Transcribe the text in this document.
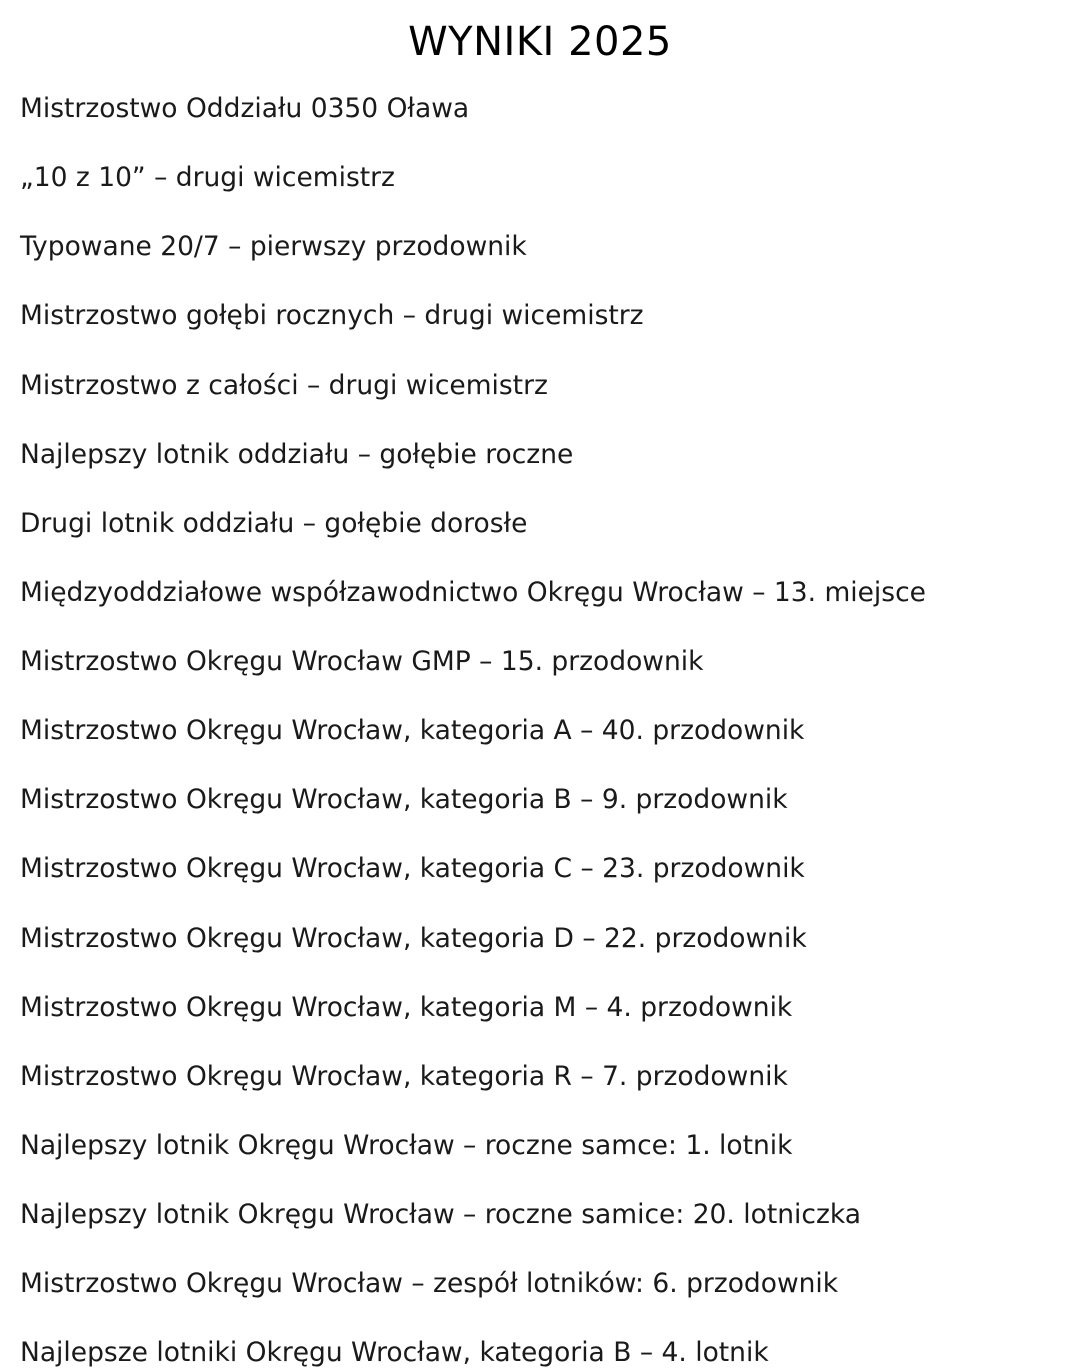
WYNIKI 2025
Mistrzostwo Oddziału 0350 Oława
„10 z 10” – drugi wicemistrz
Typowane 20/7 – pierwszy przodownik
Mistrzostwo gołębi rocznych – drugi wicemistrz
Mistrzostwo z całości – drugi wicemistrz
Najlepszy lotnik oddziału – gołębie roczne
Drugi lotnik oddziału – gołębie dorosłe
Międzyoddziałowe współzawodnictwo Okręgu Wrocław – 13. miejsce
Mistrzostwo Okręgu Wrocław GMP – 15. przodownik
Mistrzostwo Okręgu Wrocław, kategoria A – 40. przodownik
Mistrzostwo Okręgu Wrocław, kategoria B – 9. przodownik
Mistrzostwo Okręgu Wrocław, kategoria C – 23. przodownik
Mistrzostwo Okręgu Wrocław, kategoria D – 22. przodownik
Mistrzostwo Okręgu Wrocław, kategoria M – 4. przodownik
Mistrzostwo Okręgu Wrocław, kategoria R – 7. przodownik
Najlepszy lotnik Okręgu Wrocław – roczne samce: 1. lotnik
Najlepszy lotnik Okręgu Wrocław – roczne samice: 20. lotniczka
Mistrzostwo Okręgu Wrocław – zespół lotników: 6. przodownik
Najlepsze lotniki Okręgu Wrocław, kategoria B – 4. lotnik
